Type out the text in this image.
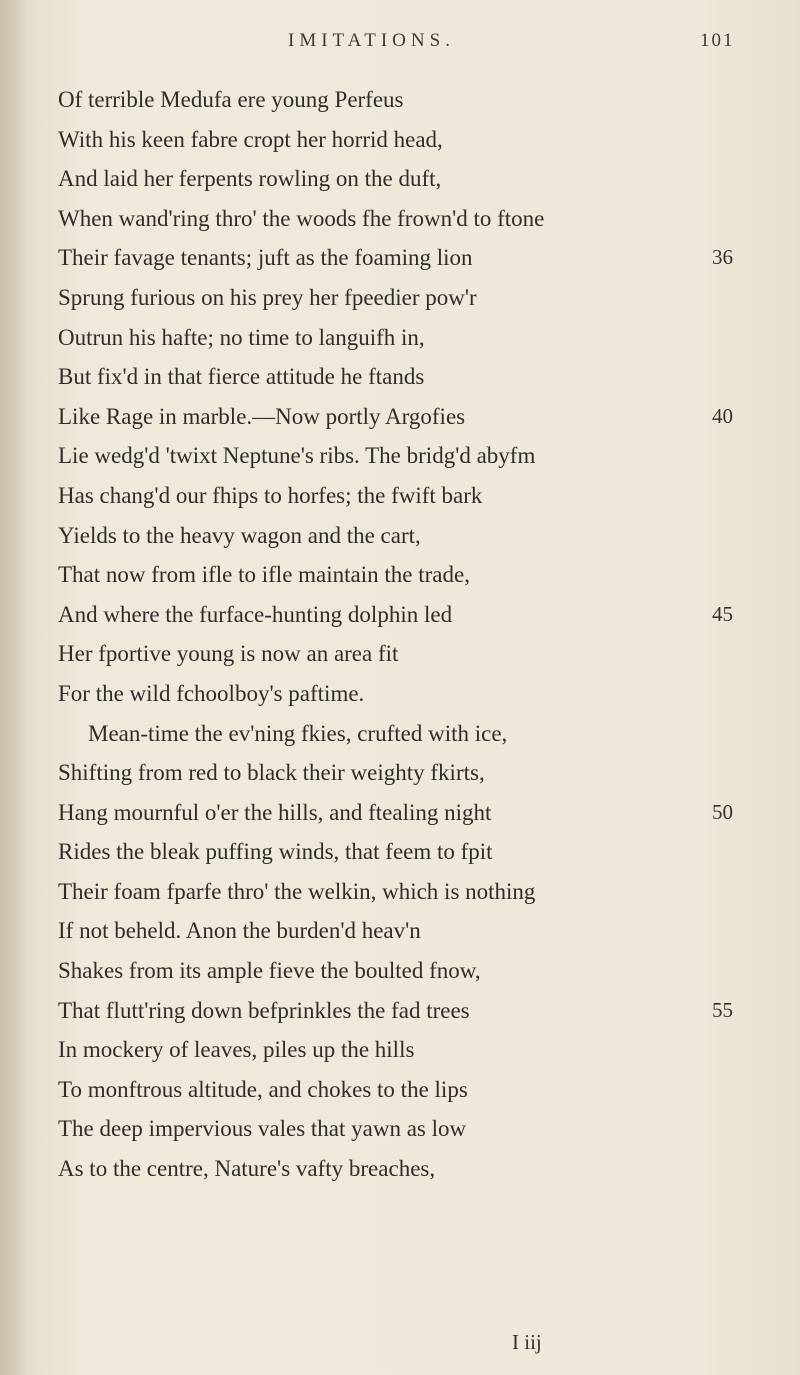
IMITATIONS.	101
Of terrible Medufa ere young Perfeus
With his keen fabre cropt her horrid head,
And laid her ferpents rowling on the duft,
When wand'ring thro' the woods fhe frown'd to ftone
Their favage tenants; juft as the foaming lion	36
Sprung furious on his prey her fpeedier pow'r
Outrun his hafte; no time to languifh in,
But fix'd in that fierce attitude he ftands
Like Rage in marble.—Now portly Argofies	40
Lie wedg'd 'twixt Neptune's ribs. The bridg'd abyfm
Has chang'd our fhips to horfes; the fwift bark
Yields to the heavy wagon and the cart,
That now from ifle to ifle maintain the trade,
And where the furface-hunting dolphin led	45
Her fportive young is now an area fit
For the wild fchoolboy's paftime.
Mean-time the ev'ning fkies, crufted with ice,
Shifting from red to black their weighty fkirts,
Hang mournful o'er the hills, and ftealing night	50
Rides the bleak puffing winds, that feem to fpit
Their foam fparfe thro' the welkin, which is nothing
If not beheld. Anon the burden'd heav'n
Shakes from its ample fieve the boulted fnow,
That flutt'ring down befprinkles the fad trees	55
In mockery of leaves, piles up the hills
To monftrous altitude, and chokes to the lips
The deep impervious vales that yawn as low
As to the centre, Nature's vafty breaches,
I iij
